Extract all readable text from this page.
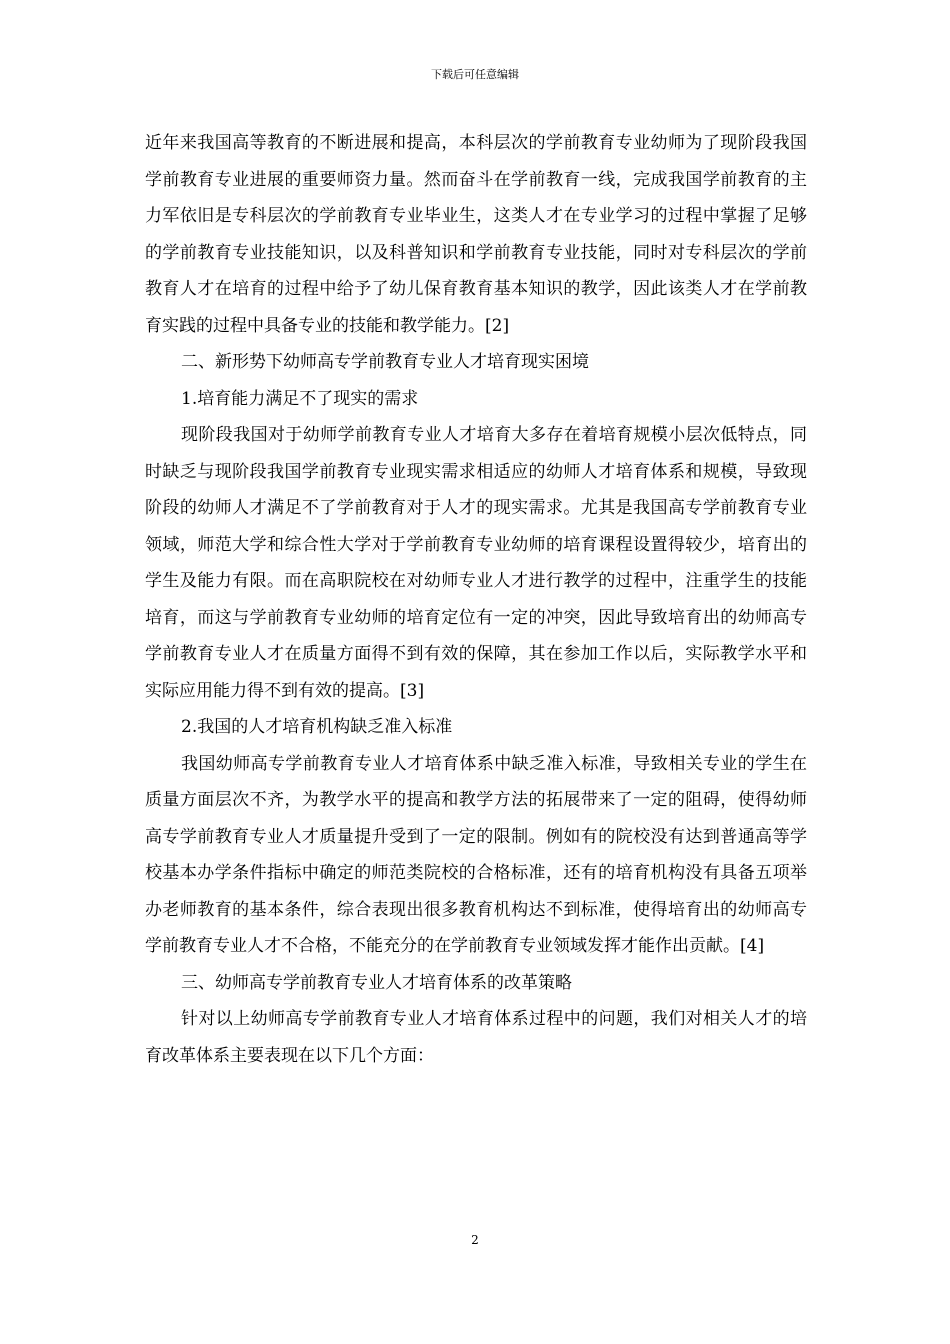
下载后可任意编辑

近年来我国高等教育的不断进展和提高，本科层次的学前教育专业幼师为了现阶段我国学前教育专业进展的重要师资力量。然而奋斗在学前教育一线，完成我国学前教育的主力军依旧是专科层次的学前教育专业毕业生，这类人才在专业学习的过程中掌握了足够的学前教育专业技能知识，以及科普知识和学前教育专业技能，同时对专科层次的学前教育人才在培育的过程中给予了幼儿保育教育基本知识的教学，因此该类人才在学前教育实践的过程中具备专业的技能和教学能力。[2]

二、新形势下幼师高专学前教育专业人才培育现实困境

1.培育能力满足不了现实的需求

现阶段我国对于幼师学前教育专业人才培育大多存在着培育规模小层次低特点，同时缺乏与现阶段我国学前教育专业现实需求相适应的幼师人才培育体系和规模，导致现阶段的幼师人才满足不了学前教育对于人才的现实需求。尤其是我国高专学前教育专业领域，师范大学和综合性大学对于学前教育专业幼师的培育课程设置得较少，培育出的学生及能力有限。而在高职院校在对幼师专业人才进行教学的过程中，注重学生的技能培育，而这与学前教育专业幼师的培育定位有一定的冲突，因此导致培育出的幼师高专学前教育专业人才在质量方面得不到有效的保障，其在参加工作以后，实际教学水平和实际应用能力得不到有效的提高。[3]

2.我国的人才培育机构缺乏准入标准

我国幼师高专学前教育专业人才培育体系中缺乏准入标准，导致相关专业的学生在质量方面层次不齐，为教学水平的提高和教学方法的拓展带来了一定的阻碍，使得幼师高专学前教育专业人才质量提升受到了一定的限制。例如有的院校没有达到普通高等学校基本办学条件指标中确定的师范类院校的合格标准，还有的培育机构没有具备五项举办老师教育的基本条件，综合表现出很多教育机构达不到标准，使得培育出的幼师高专学前教育专业人才不合格，不能充分的在学前教育专业领域发挥才能作出贡献。[4]

三、幼师高专学前教育专业人才培育体系的改革策略

针对以上幼师高专学前教育专业人才培育体系过程中的问题，我们对相关人才的培育改革体系主要表现在以下几个方面：

2
